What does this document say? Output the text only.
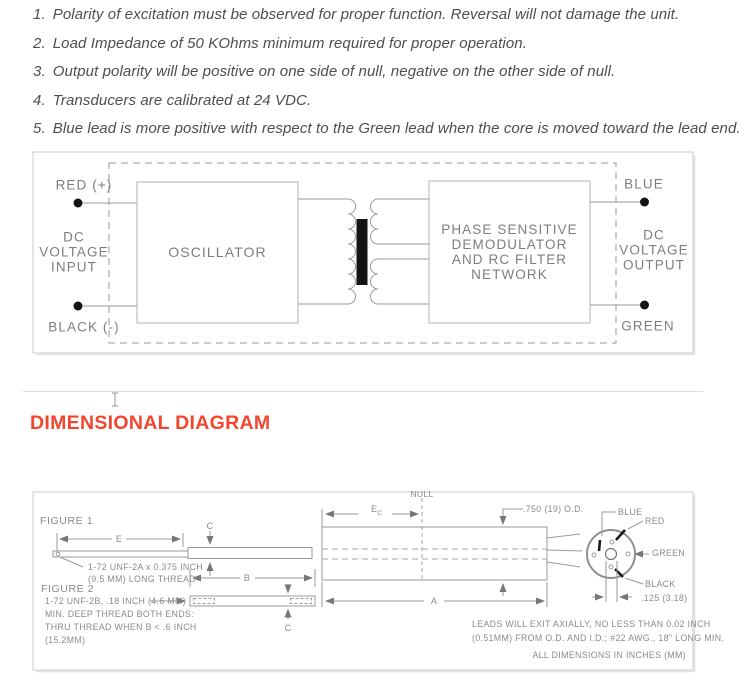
1. Polarity of excitation must be observed for proper function. Reversal will not damage the unit.
2. Load Impedance of 50 KOhms minimum required for proper operation.
3. Output polarity will be positive on one side of null, negative on the other side of null.
4. Transducers are calibrated at 24 VDC.
5. Blue lead is more positive with respect to the Green lead when the core is moved toward the lead end.
RED (+)
DC
VOLTAGE
INPUT
BLACK (-)
OSCILLATOR
PHASE SENSITIVE
DEMODULATOR
AND RC FILTER
NETWORK
BLUE
DC
VOLTAGE
OUTPUT
GREEN
DIMENSIONAL DIAGRAM
FIGURE 1
E
C
1-72 UNF-2A x 0.375 INCH
(9.5 MM) LONG THREAD
FIGURE 2
1-72 UNF-2B, .18 INCH (4.6 MM)
MIN. DEEP THREAD BOTH ENDS:
THRU THREAD WHEN B < .6 INCH
(15.2MM)
B
C
NULL
$E_C$	.750 (19) O.D.
A
BLUE
RED
GREEN
BLACK
.125 (3.18)
LEADS WILL EXIT AXIALLY, NO LESS THAN 0.02 INCH
(0.51MM) FROM O.D. AND I.D.; #22 AWG., 18" LONG MIN.
ALL DIMENSIONS IN INCHES (MM)
